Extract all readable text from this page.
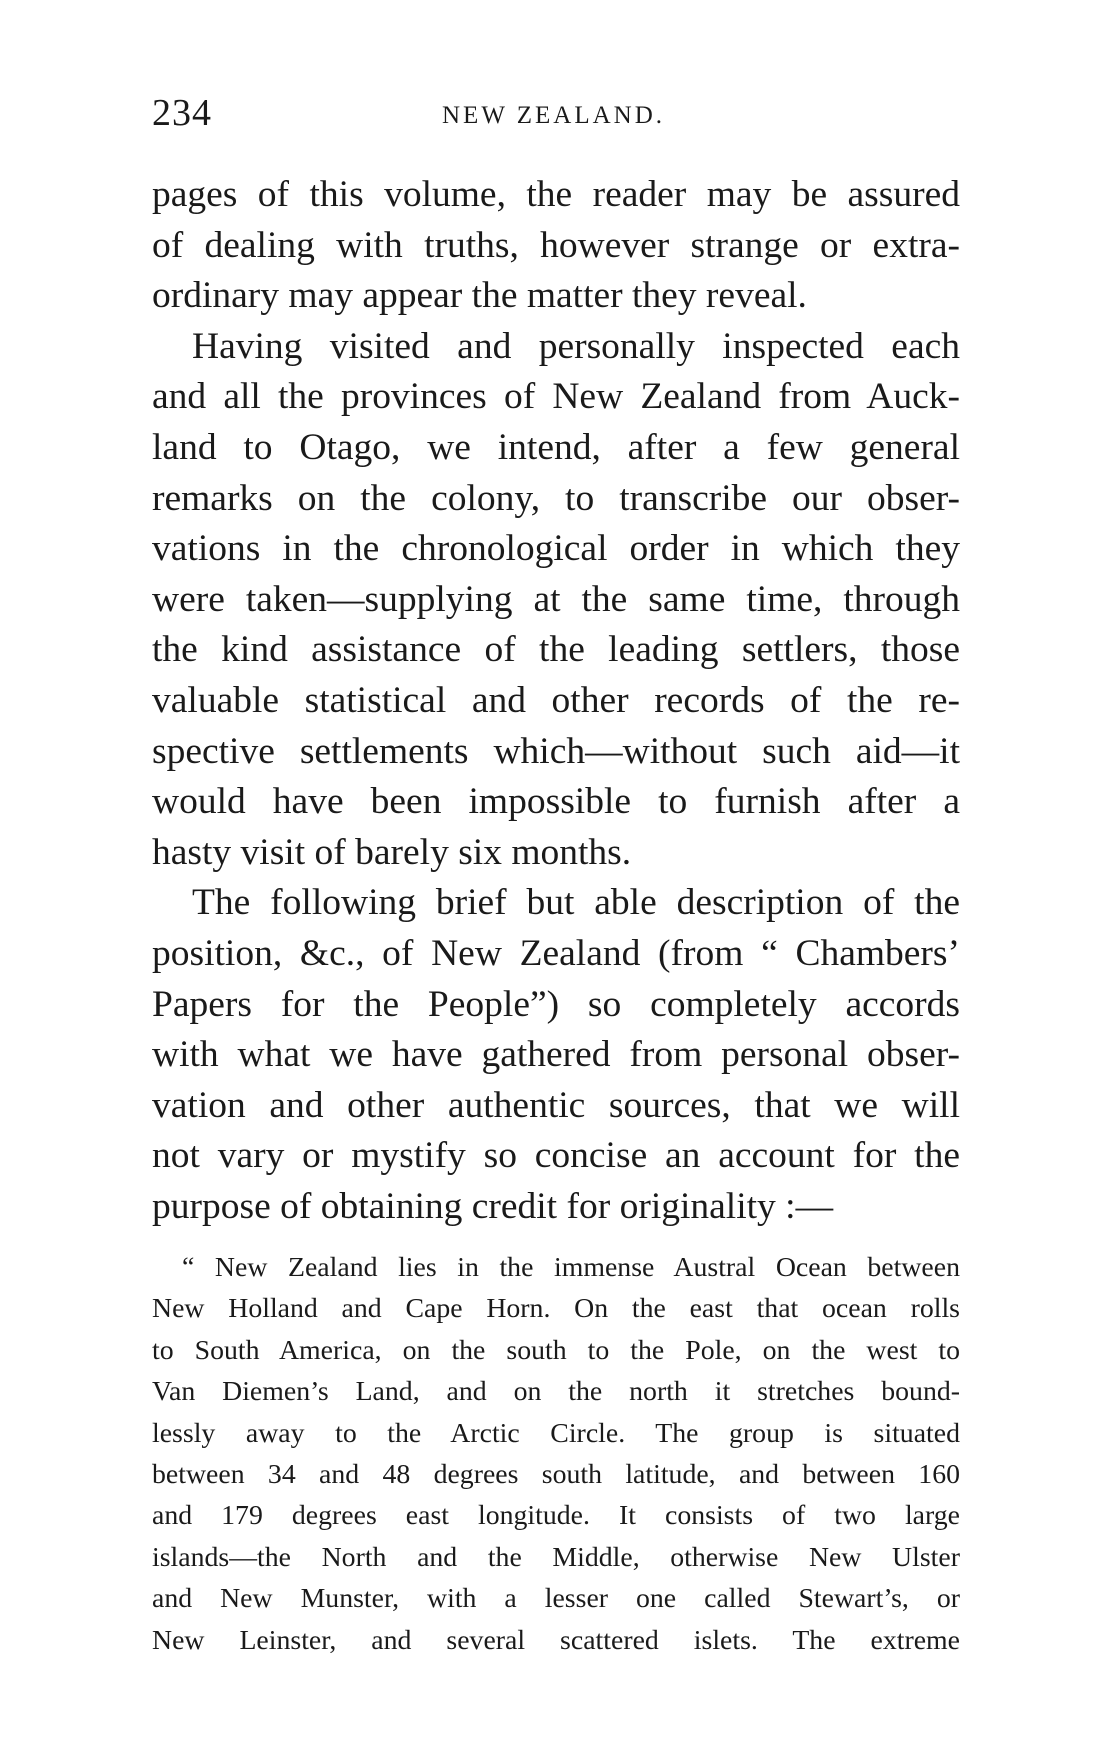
234	NEW ZEALAND.
pages of this volume, the reader may be assured
of dealing with truths, however strange or extra-
ordinary may appear the matter they reveal.
Having visited and personally inspected each
and all the provinces of New Zealand from Auck-
land to Otago, we intend, after a few general
remarks on the colony, to transcribe our obser-
vations in the chronological order in which they
were taken—supplying at the same time, through
the kind assistance of the leading settlers, those
valuable statistical and other records of the re-
spective settlements which—without such aid—it
would have been impossible to furnish after a
hasty visit of barely six months.
The following brief but able description of the
position, &c., of New Zealand (from “ Chambers’
Papers for the People”) so completely accords
with what we have gathered from personal obser-
vation and other authentic sources, that we will
not vary or mystify so concise an account for the
purpose of obtaining credit for originality :—
“ New Zealand lies in the immense Austral Ocean between
New Holland and Cape Horn. On the east that ocean rolls
to South America, on the south to the Pole, on the west to
Van Diemen’s Land, and on the north it stretches bound-
lessly away to the Arctic Circle. The group is situated
between 34 and 48 degrees south latitude, and between 160
and 179 degrees east longitude. It consists of two large
islands—the North and the Middle, otherwise New Ulster
and New Munster, with a lesser one called Stewart’s, or
New Leinster, and several scattered islets. The extreme
